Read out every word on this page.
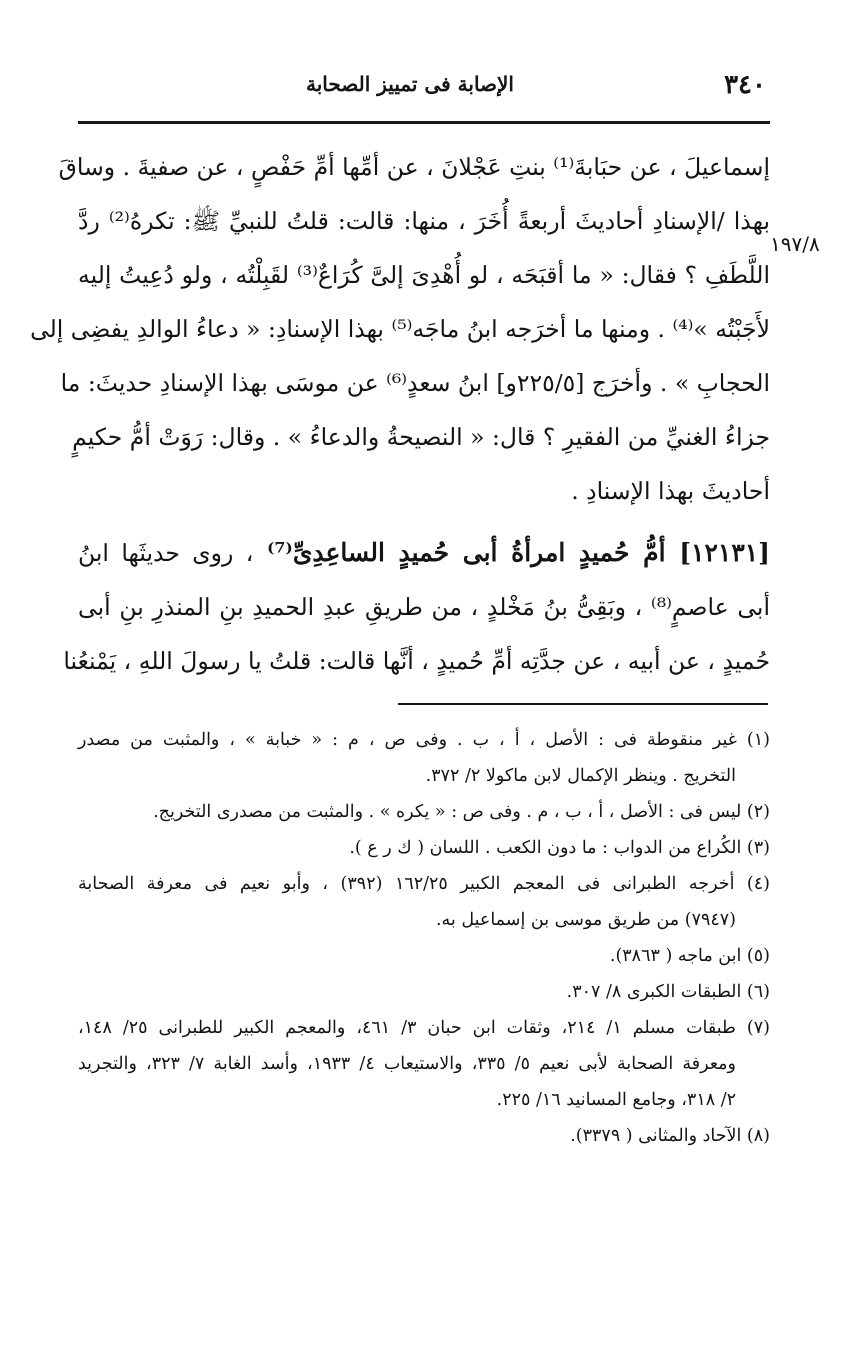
٣٤٠
الإصابة فى تمييز الصحابة
١٩٧/٨
إسماعيلَ ، عن حبَابةَ⁽¹⁾ بنتِ عَجْلانَ ، عن أمِّها أمِّ حَفْصٍ ، عن صفيةَ . وساقَ
بهذا /الإسنادِ أحاديثَ أربعةً أُخَرَ ، منها: قالت: قلتُ للنبيِّ ﷺ: تكرهُ⁽²⁾ ردَّ
اللَّطَفِ ؟ فقال: « ما أقبَحَه ، لو أُهْدِىَ إلىَّ كُرَاعٌ⁽³⁾ لقَبِلْتُه ، ولو دُعِيتُ إليه
لأَجَبْتُه »⁽⁴⁾ . ومنها ما أخرَجه ابنُ ماجَه⁽⁵⁾ بهذا الإسنادِ: « دعاءُ الوالدِ يفضِى إلى
الحجابِ » . وأخرَج [٢٢٥/٥و] ابنُ سعدٍ⁽⁶⁾ عن موسَى بهذا الإسنادِ حديثَ: ما
جزاءُ الغنيِّ من الفقيرِ ؟ قال: « النصيحةُ والدعاءُ » . وقال: رَوَتْ أمُّ حكيمٍ
أحاديثَ بهذا الإسنادِ .
[١٢١٣١] أمُّ حُميدٍ امرأةُ أبى حُميدٍ الساعِدِىِّ⁽⁷⁾ ، روى حديثَها ابنُ
أبى عاصمٍ⁽⁸⁾ ، وبَقِىُّ بنُ مَخْلدٍ ، من طريقِ عبدِ الحميدِ بنِ المنذرِ بنِ أبى
حُميدٍ ، عن أبيه ، عن جدَّتِه أمِّ حُميدٍ ، أنَّها قالت: قلتُ يا رسولَ اللهِ ، يَمْنعُنا
(١) غير منقوطة فى : الأصل ، أ ، ب . وفى ص ، م : « خبابة » ، والمثبت من مصدر
التخريج . وينظر الإكمال لابن ماكولا ٢/ ٣٧٢.
(٢) ليس فى : الأصل ، أ ، ب ، م . وفى ص : « يكره » . والمثبت من مصدرى التخريج.
(٣) الكُراع من الدواب : ما دون الكعب . اللسان ( ك ر ع ).
(٤) أخرجه الطبرانى فى المعجم الكبير ١٦٢/٢٥ (٣٩٢) ، وأبو نعيم فى معرفة الصحابة
(٧٩٤٧) من طريق موسى بن إسماعيل به.
(٥) ابن ماجه ( ٣٨٦٣).
(٦) الطبقات الكبرى ٨/ ٣٠٧.
(٧) طبقات مسلم ١/ ٢١٤، وثقات ابن حبان ٣/ ٤٦١، والمعجم الكبير للطبرانى ٢٥/ ١٤٨،
ومعرفة الصحابة لأبى نعيم ٥/ ٣٣٥، والاستيعاب ٤/ ١٩٣٣، وأسد الغابة ٧/ ٣٢٣، والتجريد
٢/ ٣١٨، وجامع المسانيد ١٦/ ٢٢٥.
(٨) الآحاد والمثانى ( ٣٣٧٩).
